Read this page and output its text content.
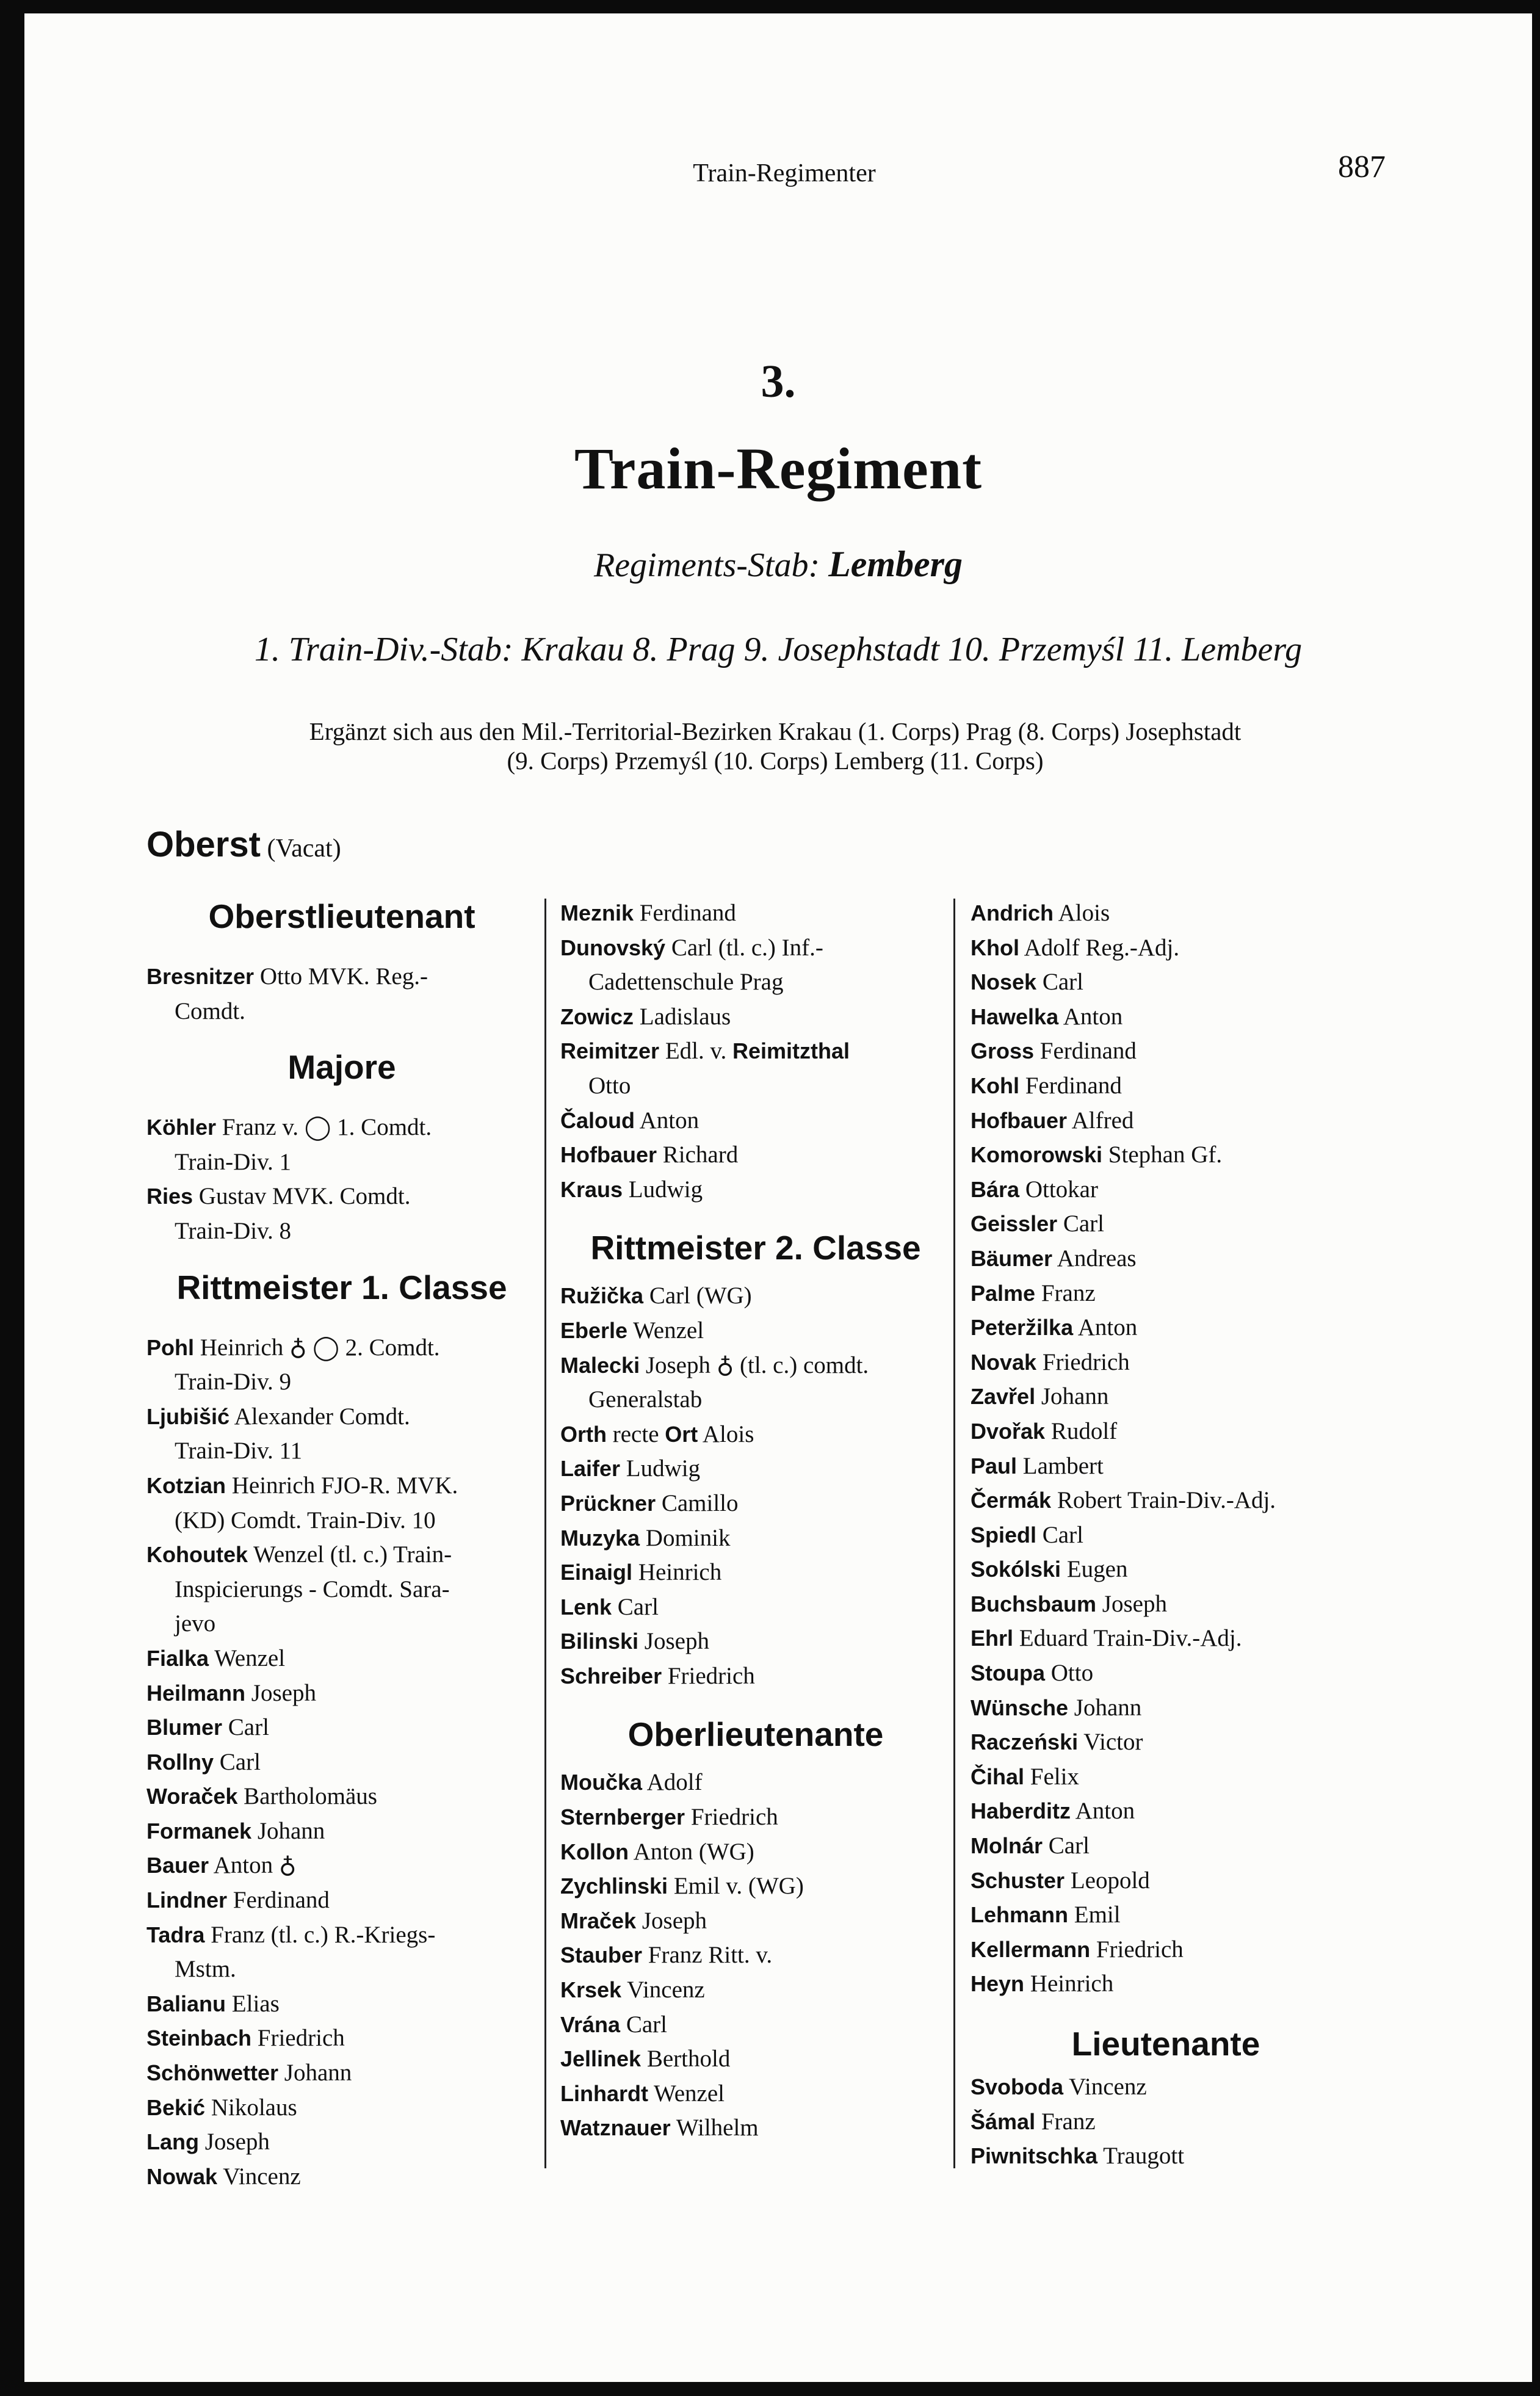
Train-Regimenter	887
3.
Train-Regiment
Regiments-Stab: Lemberg
1. Train-Div.-Stab: Krakau 8. Prag 9. Josephstadt 10. Przemyśl 11. Lemberg
Ergänzt sich aus den Mil.-Territorial-Bezirken Krakau (1. Corps) Prag (8. Corps) Josephstadt
(9. Corps) Przemyśl (10. Corps) Lemberg (11. Corps)
Oberst (Vacat)
Oberstlieutenant
Bresnitzer Otto MVK. Reg.-
Comdt.
Majore
Köhler Franz v. ◯ 1. Comdt.
Train-Div. 1
Ries Gustav MVK. Comdt.
Train-Div. 8
Rittmeister 1. Classe
Pohl Heinrich ♁ ◯ 2. Comdt.
Train-Div. 9
Ljubišić Alexander Comdt.
Train-Div. 11
Kotzian Heinrich FJO-R. MVK.
(KD) Comdt. Train-Div. 10
Kohoutek Wenzel (tl. c.) Train-
Inspicierungs - Comdt. Sara-
jevo
Fialka Wenzel
Heilmann Joseph
Blumer Carl
Rollny Carl
Woraček Bartholomäus
Formanek Johann
Bauer Anton ♁
Lindner Ferdinand
Tadra Franz (tl. c.) R.-Kriegs-
Mstm.
Balianu Elias
Steinbach Friedrich
Schönwetter Johann
Bekić Nikolaus
Lang Joseph
Nowak Vincenz
Meznik Ferdinand
Dunovský Carl (tl. c.) Inf.-
Cadettenschule Prag
Zowicz Ladislaus
Reimitzer Edl. v. Reimitzthal
Otto
Čaloud Anton
Hofbauer Richard
Kraus Ludwig
Rittmeister 2. Classe
Ružička Carl (WG)
Eberle Wenzel
Malecki Joseph ♁ (tl. c.) comdt.
Generalstab
Orth recte Ort Alois
Laifer Ludwig
Prückner Camillo
Muzyka Dominik
Einaigl Heinrich
Lenk Carl
Bilinski Joseph
Schreiber Friedrich
Oberlieutenante
Moučka Adolf
Sternberger Friedrich
Kollon Anton (WG)
Zychlinski Emil v. (WG)
Mraček Joseph
Stauber Franz Ritt. v.
Krsek Vincenz
Vrána Carl
Jellinek Berthold
Linhardt Wenzel
Watznauer Wilhelm
Andrich Alois
Khol Adolf Reg.-Adj.
Nosek Carl
Hawelka Anton
Gross Ferdinand
Kohl Ferdinand
Hofbauer Alfred
Komorowski Stephan Gf.
Bára Ottokar
Geissler Carl
Bäumer Andreas
Palme Franz
Peteržilka Anton
Novak Friedrich
Zavřel Johann
Dvořak Rudolf
Paul Lambert
Čermák Robert Train-Div.-Adj.
Spiedl Carl
Sokólski Eugen
Buchsbaum Joseph
Ehrl Eduard Train-Div.-Adj.
Stoupa Otto
Wünsche Johann
Raczeński Victor
Čihal Felix
Haberditz Anton
Molnár Carl
Schuster Leopold
Lehmann Emil
Kellermann Friedrich
Heyn Heinrich
Lieutenante
Svoboda Vincenz
Šámal Franz
Piwnitschka Traugott
